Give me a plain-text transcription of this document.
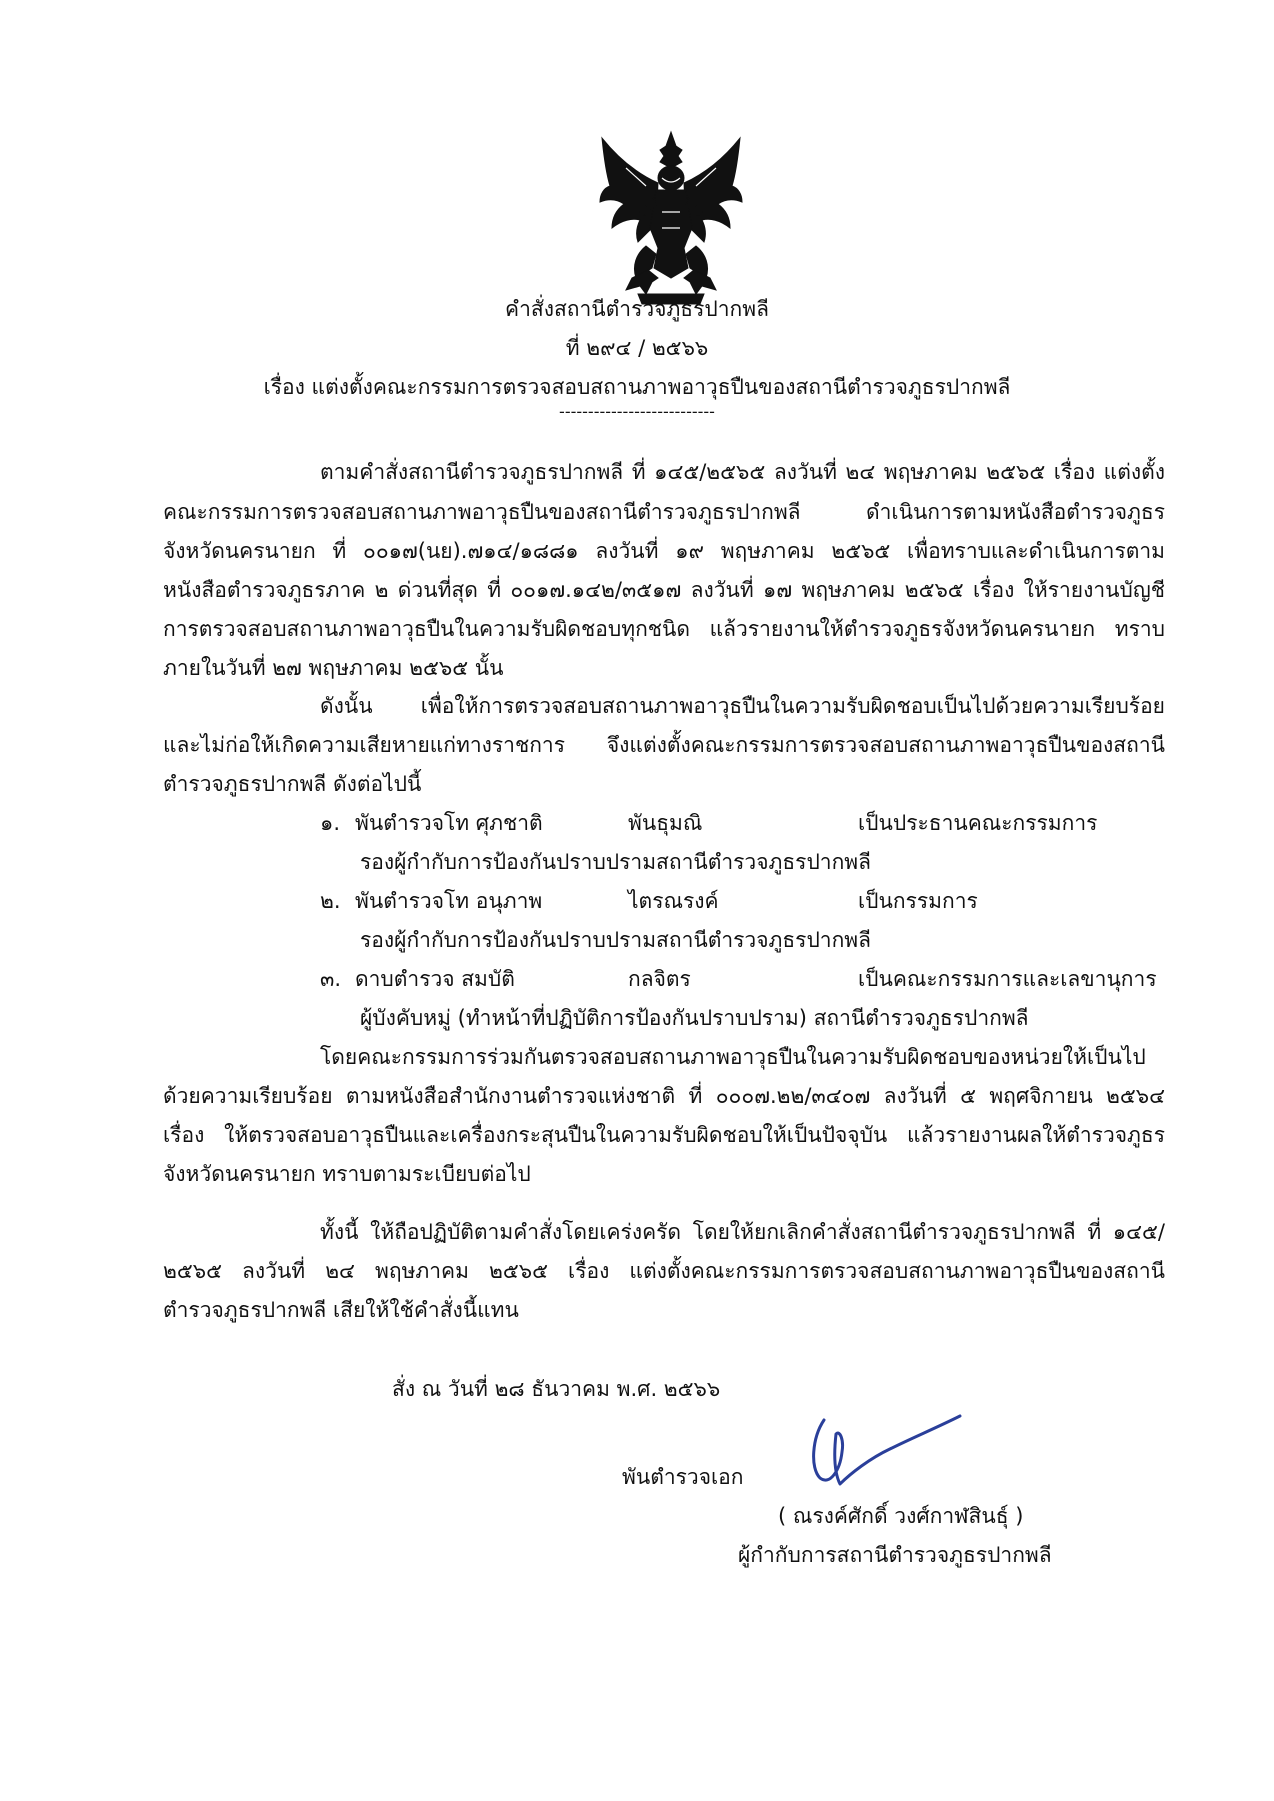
คำสั่งสถานีตำรวจภูธรปากพลี
ที่ ๒๙๔ / ๒๕๖๖
เรื่อง แต่งตั้งคณะกรรมการตรวจสอบสถานภาพอาวุธปืนของสถานีตำรวจภูธรปากพลี
---------------------------
ตามคำสั่งสถานีตำรวจภูธรปากพลี ที่ ๑๔๕/๒๕๖๕ ลงวันที่ ๒๔ พฤษภาคม ๒๕๖๕ เรื่อง แต่งตั้ง
คณะกรรมการตรวจสอบสถานภาพอาวุธปืนของสถานีตำรวจภูธรปากพลี ดำเนินการตามหนังสือตำรวจภูธร
จังหวัดนครนายก ที่ ๐๐๑๗(นย).๗๑๔/๑๘๘๑ ลงวันที่ ๑๙ พฤษภาคม ๒๕๖๕ เพื่อทราบและดำเนินการตาม
หนังสือตำรวจภูธรภาค ๒ ด่วนที่สุด ที่ ๐๐๑๗.๑๔๒/๓๕๑๗ ลงวันที่ ๑๗ พฤษภาคม ๒๕๖๕ เรื่อง ให้รายงานบัญชี
การตรวจสอบสถานภาพอาวุธปืนในความรับผิดชอบทุกชนิด แล้วรายงานให้ตำรวจภูธรจังหวัดนครนายก ทราบ
ภายในวันที่ ๒๗ พฤษภาคม ๒๕๖๕ นั้น
ดังนั้น เพื่อให้การตรวจสอบสถานภาพอาวุธปืนในความรับผิดชอบเป็นไปด้วยความเรียบร้อย
และไม่ก่อให้เกิดความเสียหายแก่ทางราชการ จึงแต่งตั้งคณะกรรมการตรวจสอบสถานภาพอาวุธปืนของสถานี
ตำรวจภูธรปากพลี ดังต่อไปนี้
๑. พันตำรวจโท ศุภชาติ	พันธุมณิ	เป็นประธานคณะกรรมการ
รองผู้กำกับการป้องกันปราบปรามสถานีตำรวจภูธรปากพลี
๒. พันตำรวจโท อนุภาพ	ไตรณรงค์	เป็นกรรมการ
รองผู้กำกับการป้องกันปราบปรามสถานีตำรวจภูธรปากพลี
๓. ดาบตำรวจ สมบัติ	กลจิตร	เป็นคณะกรรมการและเลขานุการ
ผู้บังคับหมู่ (ทำหน้าที่ปฏิบัติการป้องกันปราบปราม) สถานีตำรวจภูธรปากพลี
โดยคณะกรรมการร่วมกันตรวจสอบสถานภาพอาวุธปืนในความรับผิดชอบของหน่วยให้เป็นไป
ด้วยความเรียบร้อย ตามหนังสือสำนักงานตำรวจแห่งชาติ ที่ ๐๐๐๗.๒๒/๓๔๐๗ ลงวันที่ ๕ พฤศจิกายน ๒๕๖๔
เรื่อง ให้ตรวจสอบอาวุธปืนและเครื่องกระสุนปืนในความรับผิดชอบให้เป็นปัจจุบัน แล้วรายงานผลให้ตำรวจภูธร
จังหวัดนครนายก ทราบตามระเบียบต่อไป
ทั้งนี้ ให้ถือปฏิบัติตามคำสั่งโดยเคร่งครัด โดยให้ยกเลิกคำสั่งสถานีตำรวจภูธรปากพลี ที่ ๑๔๕/
๒๕๖๕ ลงวันที่ ๒๔ พฤษภาคม ๒๕๖๕ เรื่อง แต่งตั้งคณะกรรมการตรวจสอบสถานภาพอาวุธปืนของสถานี
ตำรวจภูธรปากพลี เสียให้ใช้คำสั่งนี้แทน
สั่ง ณ วันที่ ๒๘ ธันวาคม พ.ศ. ๒๕๖๖
พันตำรวจเอก
( ณรงค์ศักดิ์ วงศ์กาฬสินธุ์ )
ผู้กำกับการสถานีตำรวจภูธรปากพลี
